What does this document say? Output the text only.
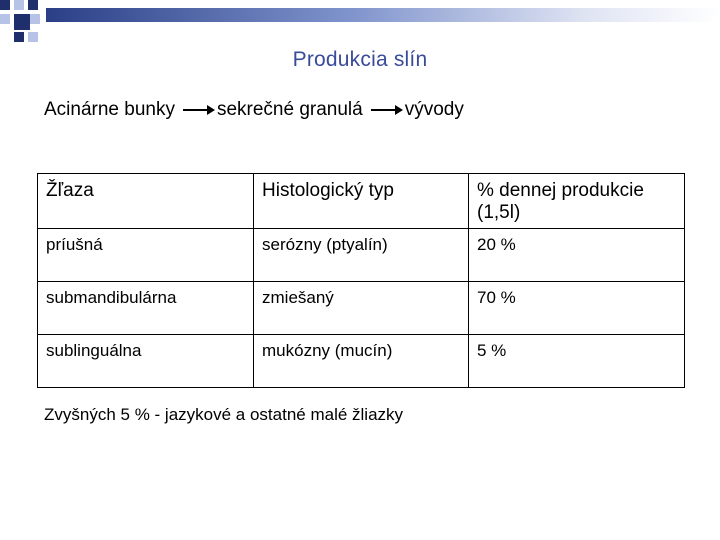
Produkcia slín
Acinárne bunky sekrečné granulá vývody
Žľaza	Histologický typ	% dennej produkcie (1,5l)
príušná	serózny (ptyalín)	20 %
submandibulárna	zmiešaný	70 %
sublinguálna	mukózny (mucín)	5 %
Zvyšných 5 % - jazykové a ostatné malé žliazky
